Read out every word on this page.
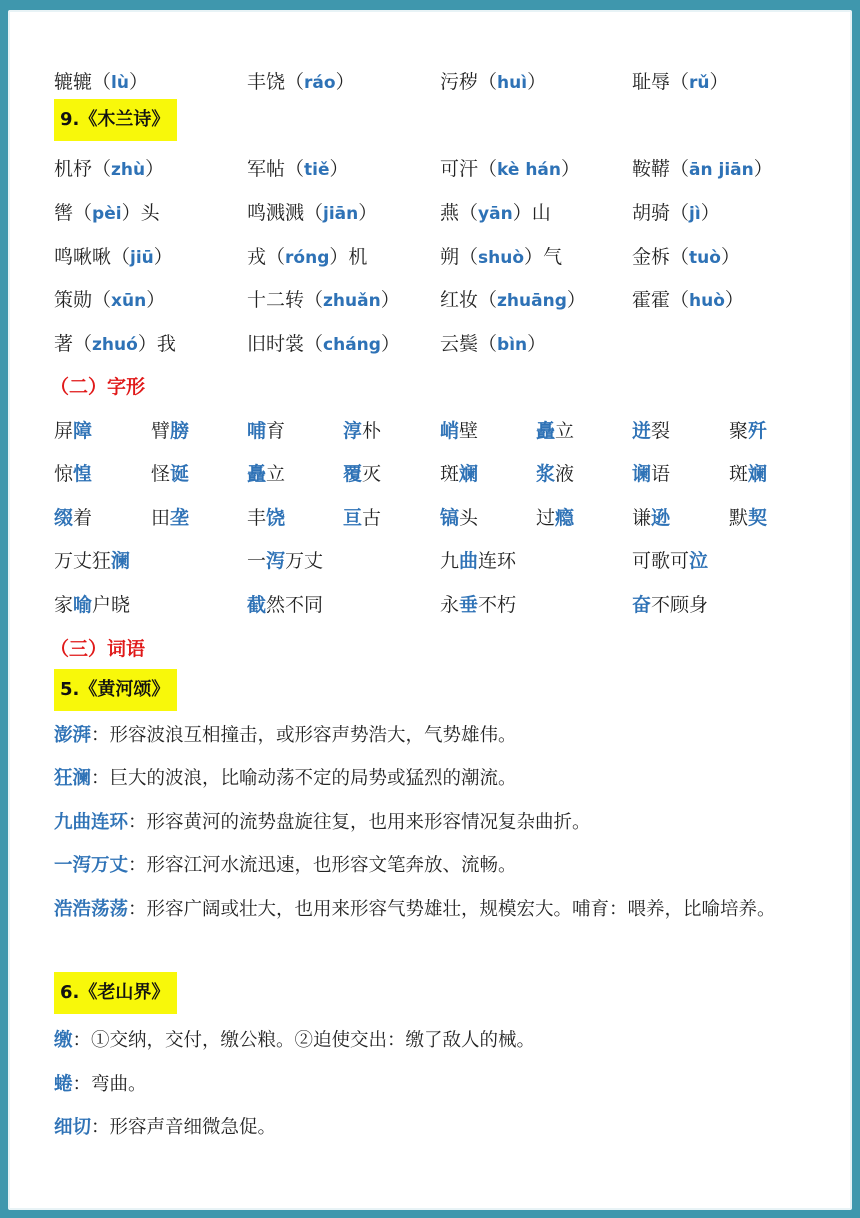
辘辘（lù）	丰饶（ráo）	污秽（huì）	耻辱（rǔ）
9.《木兰诗》
机杼（zhù）	军帖（tiě）	可汗（kè hán）	鞍鞯（ān jiān）
辔（pèi）头	鸣溅溅（jiān）	燕（yān）山	胡骑（jì）
鸣啾啾（jiū）	戎（róng）机	朔（shuò）气	金柝（tuò）
策勋（xūn）	十二转（zhuǎn） 红妆（zhuāng） 霍霍（huò）
著（zhuó）我	旧时裳（cháng） 云鬓（bìn）
（二）字形
屏障	臂膀	哺育	淳朴	峭壁	矗立	迸裂	聚歼
惊惶	怪诞	矗立	覆灭	斑斓	浆液	谰语	斑斓
缀着	田垄	丰饶	亘古	镐头	过瘾	谦逊	默契
万丈狂澜	一泻万丈	九曲连环	可歌可泣
家喻户晓	截然不同	永垂不朽	奋不顾身
（三）词语
5.《黄河颂》
澎湃：形容波浪互相撞击，或形容声势浩大，气势雄伟。
狂澜：巨大的波浪，比喻动荡不定的局势或猛烈的潮流。
九曲连环：形容黄河的流势盘旋往复，也用来形容情况复杂曲折。
一泻万丈：形容江河水流迅速，也形容文笔奔放、流畅。
浩浩荡荡：形容广阔或壮大，也用来形容气势雄壮，规模宏大。哺育：喂养，比喻培养。
6.《老山界》
缴：①交纳，交付，缴公粮。②迫使交出：缴了敌人的械。
蜷：弯曲。
细切：形容声音细微急促。
